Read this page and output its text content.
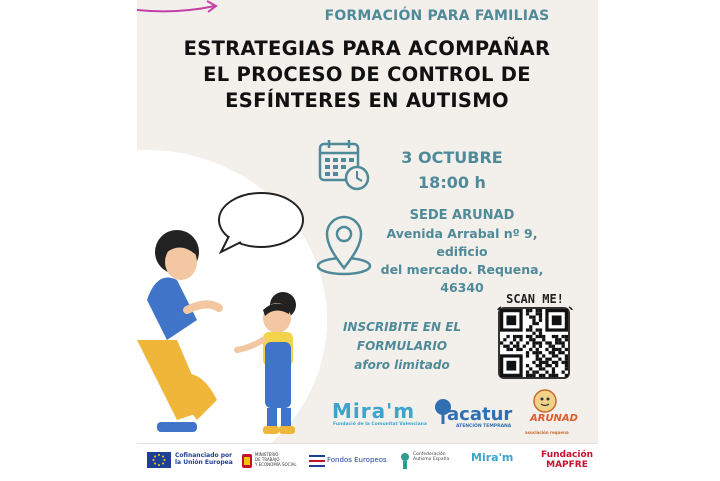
FORMACIÓN PARA FAMILIAS
ESTRATEGIAS PARA ACOMPAÑAR
EL PROCESO DE CONTROL DE
ESFÍNTERES EN AUTISMO
3 OCTUBRE
18:00 h
SEDE ARUNAD
Avenida Arrabal nº 9, edificio
del mercado. Requena,
46340
INSCRIBITE EN EL
FORMULARIO
aforo limitado
SCAN ME!
Mira'm
Fundació de la Comunitat Valenciana acatur
ATENCIÓN TEMPRANA
ARUNAD
asociación requena
Cofinanciado por
la Unión Europea
MINISTERIO
DE TRABAJO
Y ECONOMÍA SOCIAL
Fondos Europeos
Confederación
Autismo España Mira'm	Fundación
MAPFRE
